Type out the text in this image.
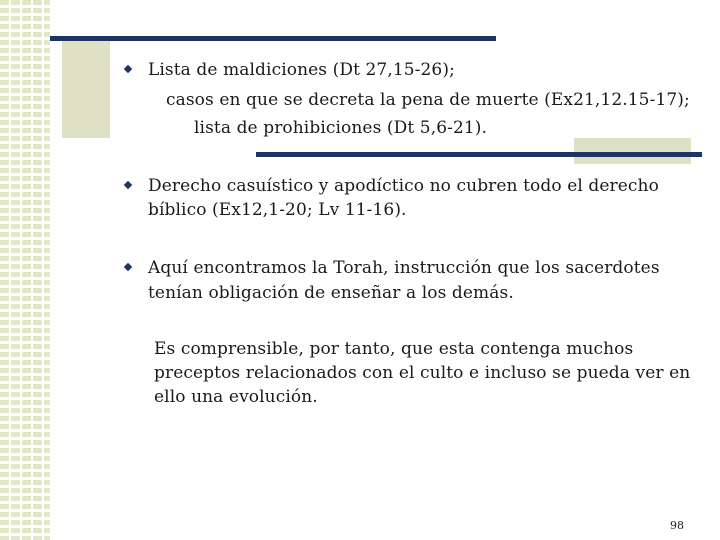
Lista de maldiciones (Dt 27,15-26);
casos en que se decreta la pena de muerte (Ex21,12.15-17);
lista de prohibiciones (Dt 5,6-21).
Derecho casuístico y apodíctico no cubren todo el derecho
bíblico (Ex12,1-20; Lv 11-16).
Aquí encontramos la Torah, instrucción que los sacerdotes
tenían obligación de enseñar a los demás.
Es comprensible, por tanto, que esta contenga muchos
preceptos relacionados con el culto e incluso se pueda ver en
ello una evolución.
98
